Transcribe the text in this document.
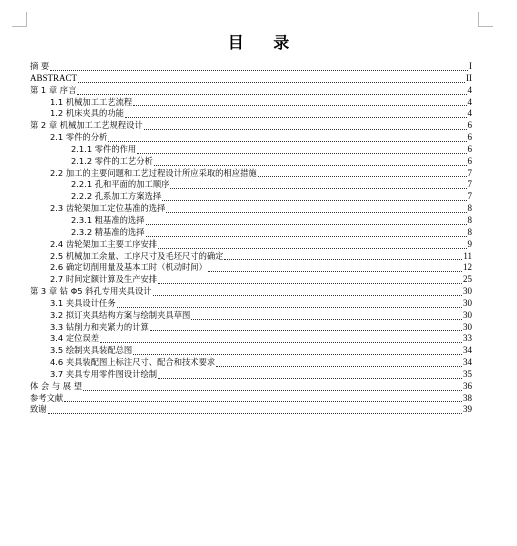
目 录
摘 要	I
ABSTRACT	II
第 1 章 序言	4
1.1 机械加工工艺流程	4
1.2 机床夹具的功能	4
第 2 章 机械加工工艺规程设计	6
2.1 零件的分析	6
2.1.1 零件的作用	6
2.1.2 零件的工艺分析	6
2.2 加工的主要问题和工艺过程设计所应采取的相应措施	7
2.2.1 孔和平面的加工顺序	7
2.2.2 孔系加工方案选择	7
2.3 齿轮架加工定位基准的选择	8
2.3.1 粗基准的选择	8
2.3.2 精基准的选择	8
2.4 齿轮架加工主要工序安排	9
2.5 机械加工余量、工序尺寸及毛坯尺寸的确定	11
2.6 确定切削用量及基本工时（机动时间）	12
2.7 时间定额计算及生产安排	25
第 3 章 钻 Φ5 斜孔专用夹具设计	30
3.1 夹具设计任务	30
3.2 拟订夹具结构方案与绘制夹具草图	30
3.3 钻削力和夹紧力的计算	30
3.4 定位误差	33
3.5 绘制夹具装配总图	34
4.6 夹具装配图上标注尺寸、配合和技术要求	34
3.7 夹具专用零件图设计绘制	35
体 会 与 展 望	36
参考文献	38
致谢	39
